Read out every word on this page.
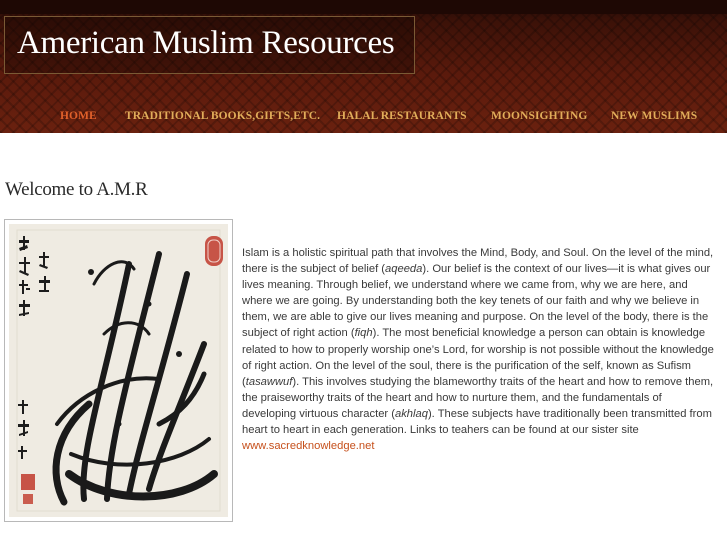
American Muslim Resources
HOME TRADITIONAL BOOKS,GIFTS,ETC. HALAL RESTAURANTS MOONSIGHTING NEW MUSLIMS
Welcome to A.M.R

Islam is a holistic spiritual path that involves the Mind, Body, and Soul. On the level of the mind, there is the subject of belief (aqeeda). Our belief is the context of our lives—it is what gives our lives meaning. Through belief, we understand where we came from, why we are here, and where we are going. By understanding both the key tenets of our faith and why we believe in them, we are able to give our lives meaning and purpose. On the level of the body, there is the subject of right action (fiqh). The most beneficial knowledge a person can obtain is knowledge related to how to properly worship one’s Lord, for worship is not possible without the knowledge of right action. On the level of the soul, there is the purification of the self, known as Sufism (tasawwuf). This involves studying the blameworthy traits of the heart and how to remove them, the praiseworthy traits of the heart and how to nurture them, and the fundamentals of developing virtuous character (akhlaq). These subjects have traditionally been transmitted from heart to heart in each generation. Links to teahers can be found at our sister site www.sacredknowledge.net
